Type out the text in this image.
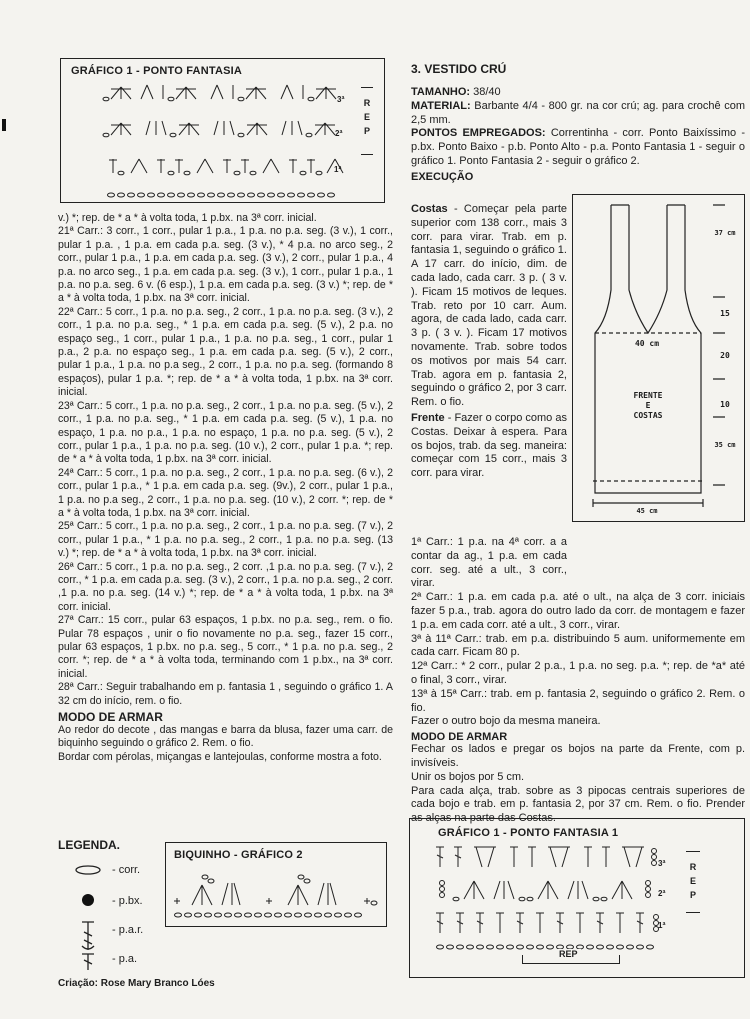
GRÁFICO 1 - PONTO FANTASIA
3ª
2ª
1ª
R
E
P

v.) *; rep. de * a * à volta toda, 1 p.bx. na 3ª corr. inicial.

21ª Carr.: 3 corr., 1 corr., pular 1 p.a., 1 p.a. no p.a. seg. (3 v.), 1 corr., pular 1 p.a. , 1 p.a. em cada p.a. seg. (3 v.), * 4 p.a. no arco seg., 2 corr., pular 1 p.a., 1 p.a. em cada p.a. seg. (3 v.), 2 corr., pular 1 p.a., 4 p.a. no arco seg., 1 p.a. em cada p.a. seg. (3 v.), 1 corr., pular 1 p.a., 1 p.a. no p.a. seg. 6 v. (6 esp.), 1 p.a. em cada p.a. seg. (3 v.) *; rep. de * a * à volta toda, 1 p.bx. na 3ª corr. inicial.

22ª Carr.: 5 corr., 1 p.a. no p.a. seg., 2 corr., 1 p.a. no p.a. seg. (3 v.), 2 corr., 1 p.a. no p.a. seg., * 1 p.a. em cada p.a. seg. (5 v.), 2 p.a. no espaço seg., 1 corr., pular 1 p.a., 1 p.a. no p.a. seg., 1 corr., pular 1 p.a., 2 p.a. no espaço seg., 1 p.a. em cada p.a. seg. (5 v.), 2 corr., pular 1 p.a., 1 p.a. no p.a seg., 2 corr., 1 p.a. no p.a. seg. (formando 8 espaços), pular 1 p.a. *; rep. de * a * à volta toda, 1 p.bx. na 3ª corr. inicial.

23ª Carr.: 5 corr., 1 p.a. no p.a. seg., 2 corr., 1 p.a. no p.a. seg. (5 v.), 2 corr., 1 p.a. no p.a. seg., * 1 p.a. em cada p.a. seg. (5 v.), 1 p.a. no espaço, 1 p.a. no p.a., 1 p.a. no espaço, 1 p.a. no p.a. seg. (5 v.), 2 corr., pular 1 p.a., 1 p.a. no p.a. seg. (10 v.), 2 corr., pular 1 p.a. *; rep. de * a * à volta toda, 1 p.bx. na 3ª corr. inicial.

24ª Carr.: 5 corr., 1 p.a. no p.a. seg., 2 corr., 1 p.a. no p.a. seg. (6 v.), 2 corr., pular 1 p.a., * 1 p.a. em cada p.a. seg. (9v.), 2 corr., pular 1 p.a., 1 p.a. no p.a seg., 2 corr., 1 p.a. no p.a. seg. (10 v.), 2 corr. *; rep. de * a * à volta toda, 1 p.bx. na 3ª corr. inicial.

25ª Carr.: 5 corr., 1 p.a. no p.a. seg., 2 corr., 1 p.a. no p.a. seg. (7 v.), 2 corr., pular 1 p.a., * 1 p.a. no p.a. seg., 2 corr., 1 p.a. no p.a. seg. (13 v.) *; rep. de * a * à volta toda, 1 p.bx. na 3ª corr. inicial.

26ª Carr.: 5 corr., 1 p.a. no p.a. seg., 2 corr. ,1 p.a. no p.a. seg. (7 v.), 2 corr., * 1 p.a. em cada p.a. seg. (3 v.), 2 corr., 1 p.a. no p.a. seg., 2 corr. ,1 p.a. no p.a. seg. (14 v.) *; rep. de * a * à volta toda, 1 p.bx. na 3ª corr. inicial.

27ª Carr.: 15 corr., pular 63 espaços, 1 p.bx. no p.a. seg., rem. o fio. Pular 78 espaços , unir o fio novamente no p.a. seg., fazer 15 corr., pular 63 espaços, 1 p.bx. no p.a. seg., 5 corr., * 1 p.a. no p.a. seg., 2 corr. *; rep. de * a * à volta toda, terminando com 1 p.bx., na 3ª corr. inicial.

28ª Carr.: Seguir trabalhando em p. fantasia 1 , seguindo o gráfico 1. A 32 cm do início, rem. o fio.

MODO DE ARMAR

Ao redor do decote , das mangas e barra da blusa, fazer uma carr. de biquinho seguindo o gráfico 2. Rem. o fio.

Bordar com pérolas, miçangas e lantejoulas, conforme mostra a foto.

LEGENDA.
- corr.
- p.bx.
- p.a.r.
- p.a.
BIQUINHO - GRÁFICO 2
Criação: Rose Mary Branco Lóes
3. VESTIDO CRÚ

TAMANHO: 38/40

MATERIAL: Barbante 4/4 - 800 gr. na cor crú; ag. para crochê com 2,5 mm.

PONTOS EMPREGADOS: Correntinha - corr. Ponto Baixíssimo - p.bx. Ponto Baixo - p.b. Ponto Alto - p.a. Ponto Fantasia 1 - seguir o gráfico 1. Ponto Fantasia 2 - seguir o gráfico 2.

EXECUÇÃO

Costas - Começar pela parte superior com 138 corr., mais 3 corr. para virar. Trab. em p. fantasia 1, seguindo o gráfico 1. A 17 carr. do início, dim. de cada lado, cada carr. 3 p. ( 3 v. ). Ficam 15 motivos de leques. Trab. reto por 10 carr. Aum. agora, de cada lado, cada carr. 3 p. ( 3 v. ). Ficam 17 motivos novamente. Trab. sobre todos os motivos por mais 54 carr. Trab. agora em p. fantasia 2, seguindo o gráfico 2, por 3 carr. Rem. o fio.

Frente - Fazer o corpo como as Costas. Deixar à espera. Para os bojos, trab. da seg. maneira: começar com 15 corr., mais 3 corr. para virar.

FRENTE
E
COSTAS
40 cm
45 cm
37 cm
15
20
10
35 cm

1ª Carr.: 1 p.a. na 4ª corr. a a contar da ag., 1 p.a. em cada corr. seg. até a ult., 3 corr., virar.

2ª Carr.: 1 p.a. em cada p.a. até o ult., na alça de 3 corr. iniciais fazer 5 p.a., trab. agora do outro lado da corr. de montagem e fazer 1 p.a. em cada corr. até a ult., 3 corr., virar.

3ª à 11ª Carr.: trab. em p.a. distribuindo 5 aum. uniformemente em cada carr. Ficam 80 p.

12ª Carr.: * 2 corr., pular 2 p.a., 1 p.a. no seg. p.a. *; rep. de *a* até o final, 3 corr., virar.

13ª à 15ª Carr.: trab. em p. fantasia 2, seguindo o gráfico 2. Rem. o fio.

Fazer o outro bojo da mesma maneira.

MODO DE ARMAR

Fechar os lados e pregar os bojos na parte da Frente, com p. invisíveis.

Unir os bojos por 5 cm.

Para cada alça, trab. sobre as 3 pipocas centrais superiores de cada bojo e trab. em p. fantasia 2, por 37 cm. Rem. o fio. Prender as alças na parte das Costas.

GRÁFICO 1 - PONTO FANTASIA 1
3ª
2ª
1ª
R
E
P
REP
